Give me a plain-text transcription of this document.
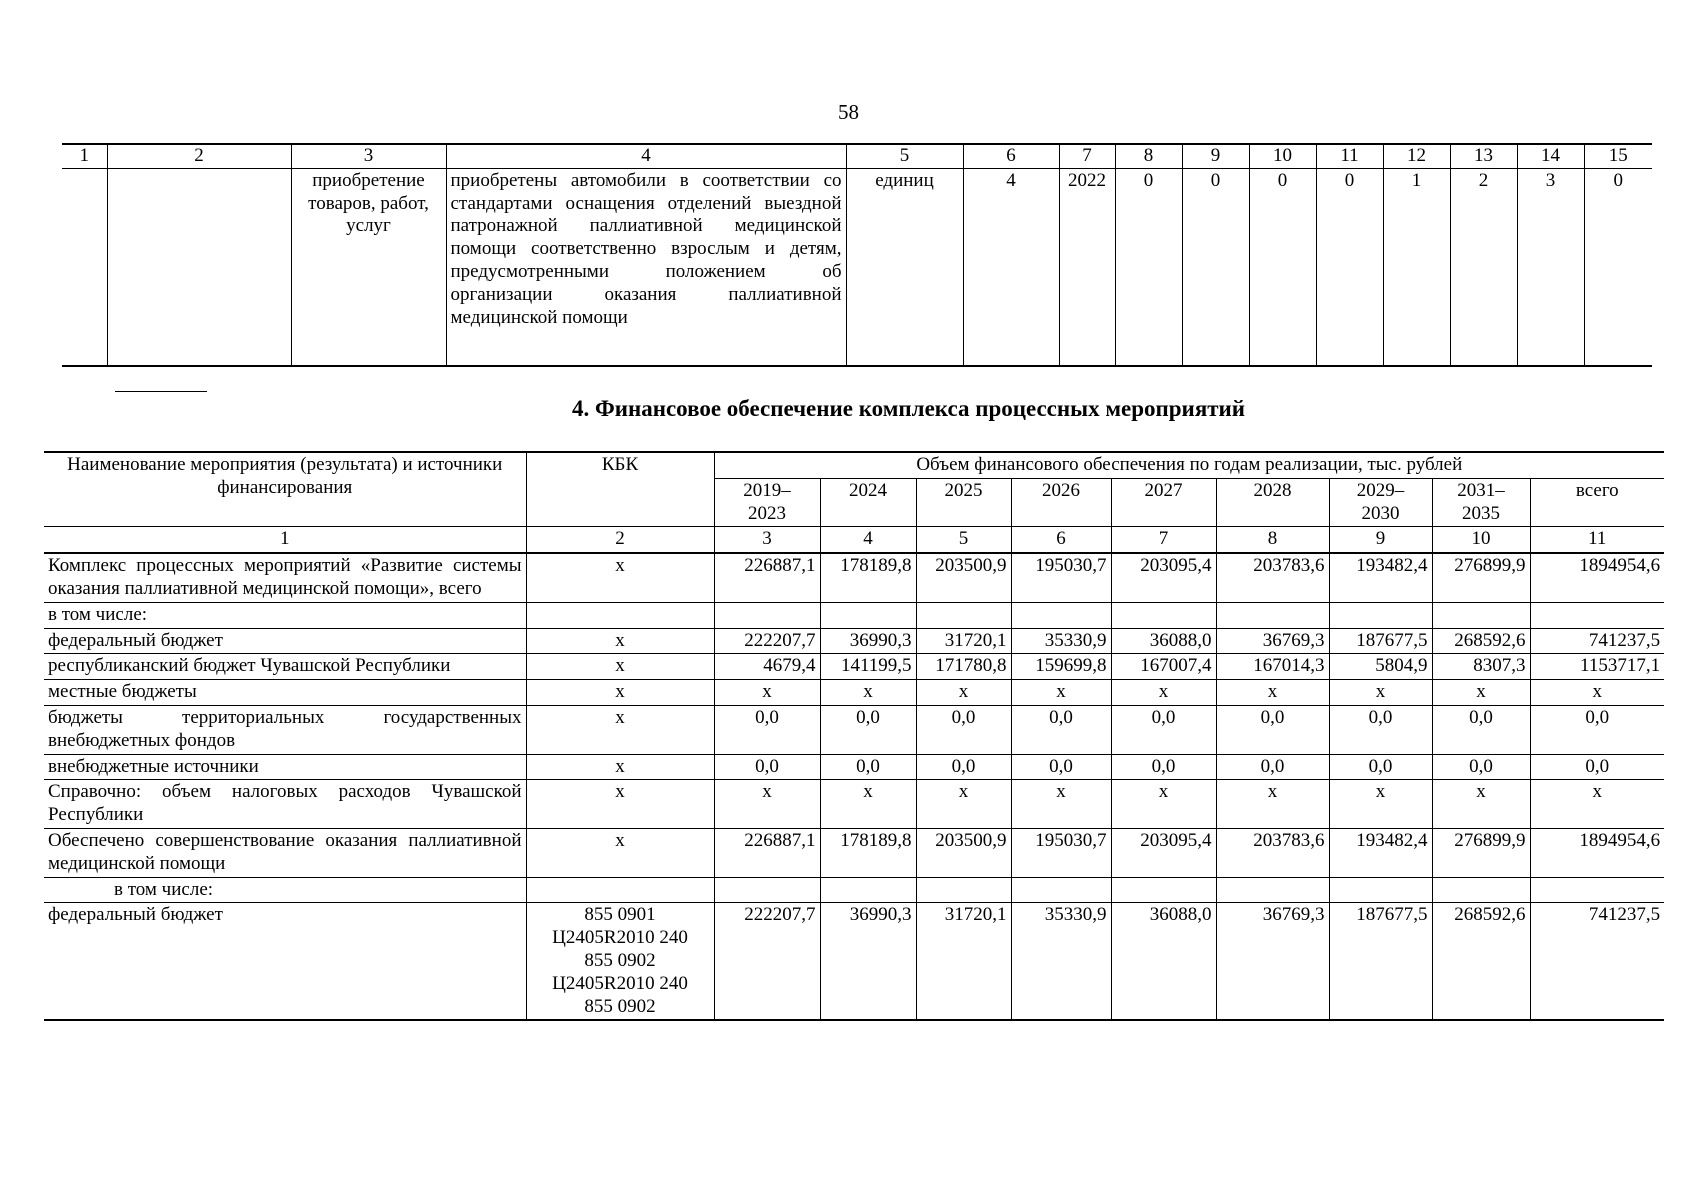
58
1	2	3	4	5	6	7	8	9	10	11	12	13	14	15
		приобретение товаров, работ, услуг	приобретены автомобили в соответствии со стандартами оснащения отделений выездной патронажной паллиативной медицинской помощи соответственно взрослым и детям, предусмотренными положением об организации оказания паллиативной медицинской помощи	единиц	4	2022	0	0	0	0	1	2	3	0
4. Финансовое обеспечение комплекса процессных мероприятий
Наименование мероприятия (результата) и источники финансирования	КБК	Объем финансового обеспечения по годам реализации, тыс. рублей								
		2019–2023	2024	2025	2026	2027	2028	2029–2030	2031–2035	всего
1	2	3	4	5	6	7	8	9	10	11
Комплекс процессных мероприятий «Развитие системы оказания паллиативной медицинской помощи», всего	х	226887,1	178189,8	203500,9	195030,7	203095,4	203783,6	193482,4	276899,9	1894954,6
в том числе:										
федеральный бюджет	х	222207,7	36990,3	31720,1	35330,9	36088,0	36769,3	187677,5	268592,6	741237,5
республиканский бюджет Чувашской Республики	х	4679,4	141199,5	171780,8	159699,8	167007,4	167014,3	5804,9	8307,3	1153717,1
местные бюджеты	х	х	х	х	х	х	х	х	х	х
бюджеты территориальных государственных внебюджетных фондов	х	0,0	0,0	0,0	0,0	0,0	0,0	0,0	0,0	0,0
внебюджетные источники	х	0,0	0,0	0,0	0,0	0,0	0,0	0,0	0,0	0,0
Справочно: объем налоговых расходов Чувашской Республики	х	х	х	х	х	х	х	х	х	х
Обеспечено совершенствование оказания паллиативной медицинской помощи	х	226887,1	178189,8	203500,9	195030,7	203095,4	203783,6	193482,4	276899,9	1894954,6
в том числе:										
федеральный бюджет	855 0901 Ц2405R2010 240 855 0902 Ц2405R2010 240 855 0902	222207,7	36990,3	31720,1	35330,9	36088,0	36769,3	187677,5	268592,6	741237,5
